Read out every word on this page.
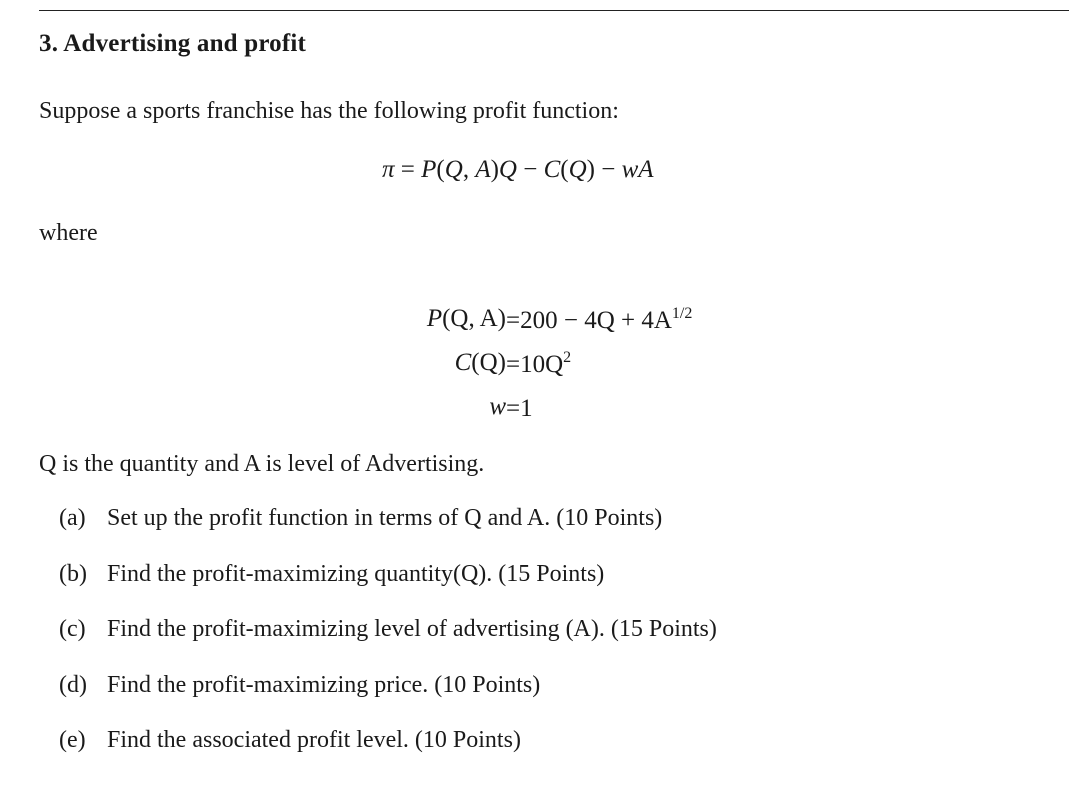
3. Advertising and profit
Suppose a sports franchise has the following profit function:
π = P(Q, A)Q − C(Q) − wA
where
P(Q, $A) =200 - 4Q + 4A^{1/2}$
$C(Q) =10Q^2$
w =1
Q is the quantity and A is level of Advertising.
(a) Set up the profit function in terms of Q and A. (10 Points)
(b) Find the profit-maximizing quantity(Q). (15 Points)
(c) Find the profit-maximizing level of advertising (A). (15 Points)
(d) Find the profit-maximizing price. (10 Points)
(e) Find the associated profit level. (10 Points)
